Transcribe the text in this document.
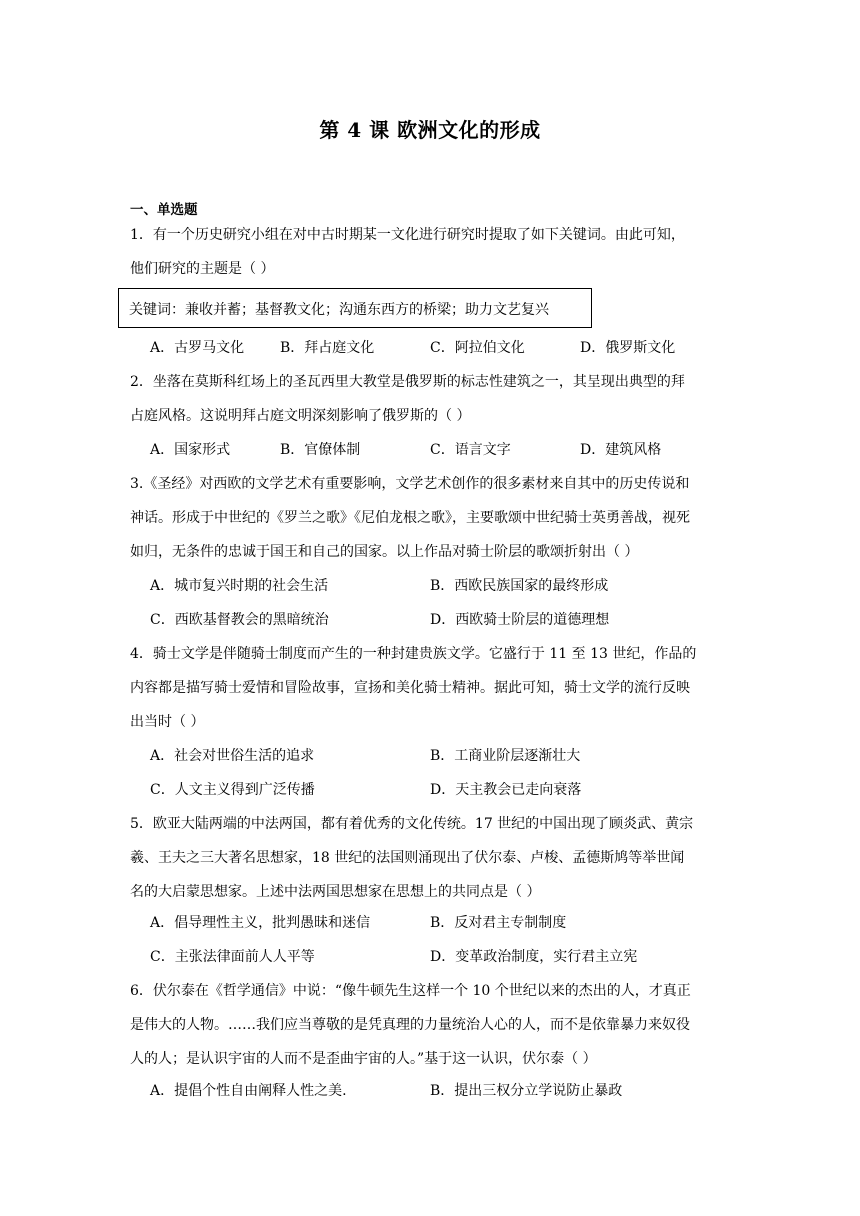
第 4 课 欧洲文化的形成
一、单选题
1．有一个历史研究小组在对中古时期某一文化进行研究时提取了如下关键词。由此可知，
他们研究的主题是（ ）
关键词：兼收并蓄；基督教文化；沟通东西方的桥梁；助力文艺复兴
A．古罗马文化	B．拜占庭文化	C．阿拉伯文化	D．俄罗斯文化
2．坐落在莫斯科红场上的圣瓦西里大教堂是俄罗斯的标志性建筑之一，其呈现出典型的拜
占庭风格。这说明拜占庭文明深刻影响了俄罗斯的（ ）
A．国家形式	B．官僚体制	C．语言文字	D．建筑风格
3.《圣经》对西欧的文学艺术有重要影响，文学艺术创作的很多素材来自其中的历史传说和
神话。形成于中世纪的《罗兰之歌》《尼伯龙根之歌》，主要歌颂中世纪骑士英勇善战，视死
如归，无条件的忠诚于国王和自己的国家。以上作品对骑士阶层的歌颂折射出（ ）
A．城市复兴时期的社会生活	B．西欧民族国家的最终形成
C．西欧基督教会的黑暗统治	D．西欧骑士阶层的道德理想
4．骑士文学是伴随骑士制度而产生的一种封建贵族文学。它盛行于 11 至 13 世纪，作品的
内容都是描写骑士爱情和冒险故事，宣扬和美化骑士精神。据此可知，骑士文学的流行反映
出当时（ ）
A．社会对世俗生活的追求	B．工商业阶层逐渐壮大
C．人文主义得到广泛传播	D．天主教会已走向衰落
5．欧亚大陆两端的中法两国，都有着优秀的文化传统。17 世纪的中国出现了顾炎武、黄宗
羲、王夫之三大著名思想家，18 世纪的法国则涌现出了伏尔泰、卢梭、孟德斯鸠等举世闻
名的大启蒙思想家。上述中法两国思想家在思想上的共同点是（ ）
A．倡导理性主义，批判愚昧和迷信	B．反对君主专制制度
C．主张法律面前人人平等	D．变革政治制度，实行君主立宪
6．伏尔泰在《哲学通信》中说：“像牛顿先生这样一个 10 个世纪以来的杰出的人，才真正
是伟大的人物。……我们应当尊敬的是凭真理的力量统治人心的人，而不是依靠暴力来奴役
人的人；是认识宇宙的人而不是歪曲宇宙的人。”基于这一认识，伏尔泰（ ）
A．提倡个性自由阐释人性之美.	B．提出三权分立学说防止暴政
